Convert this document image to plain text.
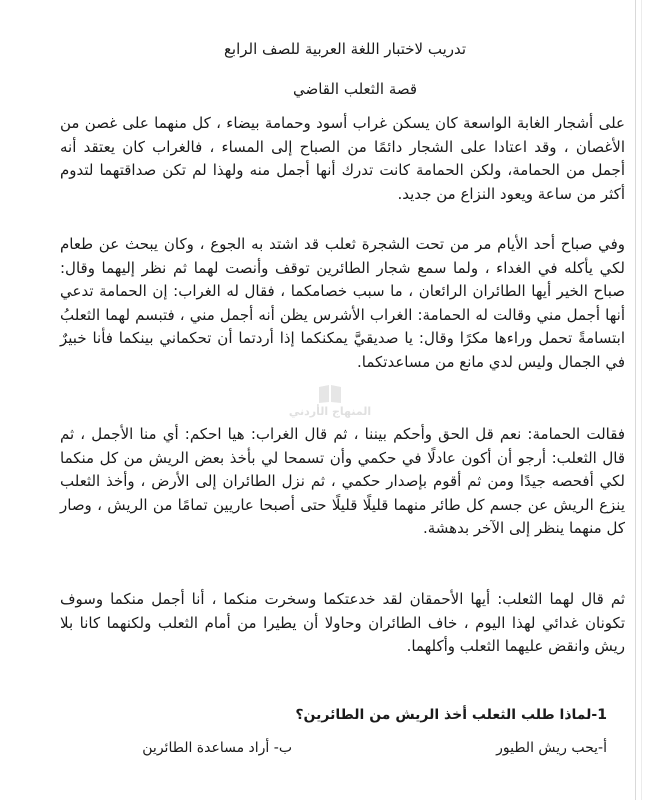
تدريب لاختبار اللغة العربية للصف الرابع
قصة الثعلب القاضي
على أشجار الغابة الواسعة كان يسكن غراب أسود وحمامة بيضاء ، كل منهما على غصن من الأغصان ، وقد اعتادا على الشجار دائمًا من الصباح إلى المساء ، فالغراب كان يعتقد أنه أجمل من الحمامة، ولكن الحمامة كانت تدرك أنها أجمل منه ولهذا لم تكن صداقتهما لتدوم أكثر من ساعة ويعود النزاع من جديد.
وفي صباح أحد الأيام مر من تحت الشجرة ثعلب قد اشتد به الجوع ، وكان يبحث عن طعام لكي يأكله في الغداء ، ولما سمع شجار الطائرين توقف وأنصت لهما ثم نظر إليهما وقال: صباح الخير أيها الطائران الرائعان ، ما سبب خصامكما ، فقال له الغراب: إن الحمامة تدعي أنها أجمل مني وقالت له الحمامة: الغراب الأشرس يظن أنه أجمل مني ، فتبسم لهما الثعلبُ ابتسامةً تحمل وراءها مكرًا وقال: يا صديقيَّ يمكنكما إذا أردتما أن تحكماني بينكما فأنا خبيرٌ في الجمال وليس لدي مانع من مساعدتكما.
فقالت الحمامة: نعم قل الحق وأحكم بيننا ، ثم قال الغراب: هيا احكم: أي منا الأجمل ، ثم قال الثعلب: أرجو أن أكون عادلًا في حكمي وأن تسمحا لي بأخذ بعض الريش من كل منكما لكي أفحصه جيدًا ومن ثم أقوم بإصدار حكمي ، ثم نزل الطائران إلى الأرض ، وأخذ الثعلب ينزع الريش عن جسم كل طائر منهما قليلًا قليلًا حتى أصبحا عاريين تمامًا من الريش ، وصار كل منهما ينظر إلى الآخر بدهشة.
ثم قال لهما الثعلب: أيها الأحمقان لقد خدعتكما وسخرت منكما ، أنا أجمل منكما وسوف تكونان غدائي لهذا اليوم ، خاف الطائران وحاولا أن يطيرا من أمام الثعلب ولكنهما كانا بلا ريش وانقض عليهما الثعلب وأكلهما.
المنهاج الأردني
1-لماذا طلب الثعلب أخذ الريش من الطائرين؟
أ-يحب ريش الطيور
ب- أراد مساعدة الطائرين
